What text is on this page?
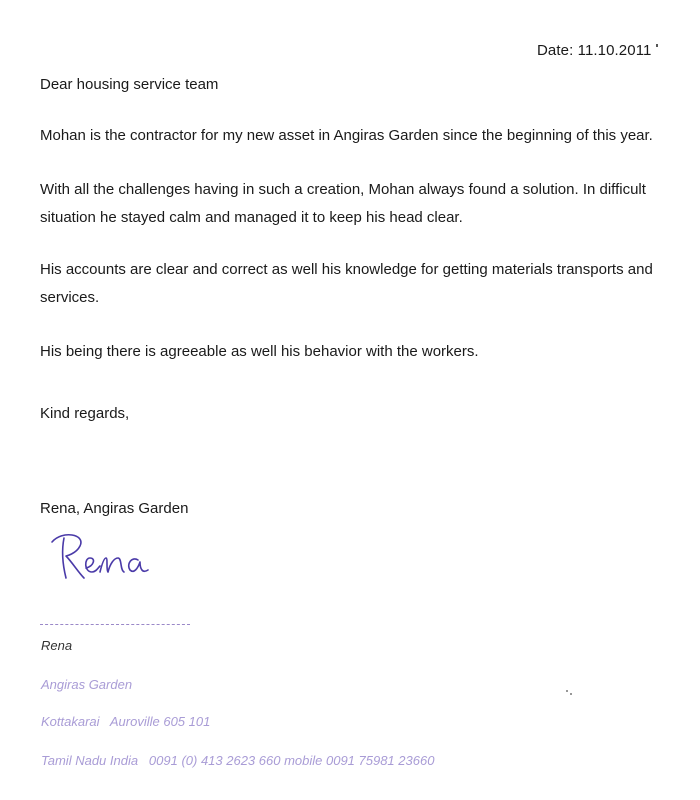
Date: 11.10.2011
Dear housing service team

Mohan is the contractor for my new asset in Angiras Garden since the beginning of this year.

With all the challenges having in such a creation, Mohan always found a solution. In difficult situation he stayed calm and managed it to keep his head clear.

His accounts are clear and correct as well his knowledge for getting materials transports and services.

His being there is agreeable as well his behavior with the workers.

Kind regards,
Rena, Angiras Garden
Rena
Angiras Garden
Kottakarai   Auroville 605 101
Tamil Nadu India   0091 (0) 413 2623 660 mobile 0091 75981 23660
